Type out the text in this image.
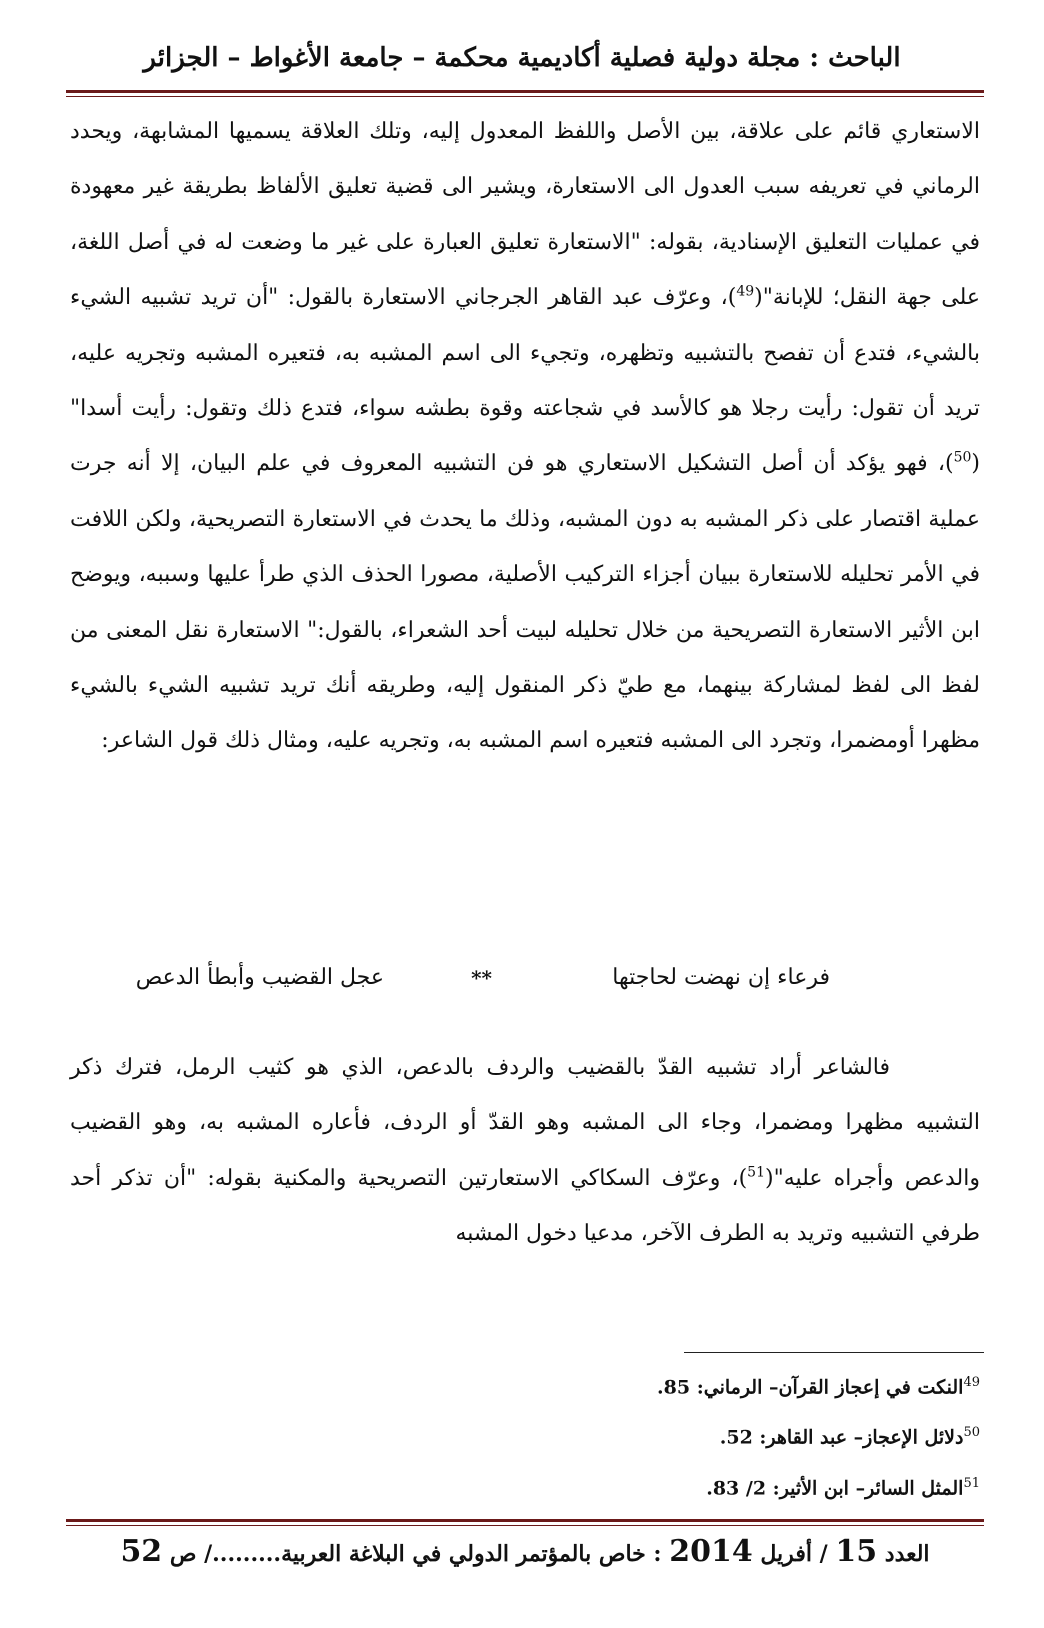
الباحث : مجلة دولية فصلية أكاديمية محكمة – جامعة الأغواط – الجزائر
الاستعاري قائم على علاقة، بين الأصل واللفظ المعدول إليه، وتلك العلاقة يسميها المشابهة، ويحدد الرماني في تعريفه سبب العدول الى الاستعارة، ويشير الى قضية تعليق الألفاظ بطريقة غير معهودة في عمليات التعليق الإسنادية، بقوله: "الاستعارة تعليق العبارة على غير ما وضعت له في أصل اللغة، على جهة النقل؛ للإبانة"($^{49}$)، وعرّف عبد القاهر الجرجاني الاستعارة بالقول: "أن تريد تشبيه الشيء بالشيء، فتدع أن تفصح بالتشبيه وتظهره، وتجيء الى اسم المشبه به، فتعيره المشبه وتجريه عليه، تريد أن تقول: رأيت رجلا هو كالأسد في شجاعته وقوة بطشه سواء، فتدع ذلك وتقول: رأيت أسدا"($^{50}$)، فهو يؤكد أن أصل التشكيل الاستعاري هو فن التشبيه المعروف في علم البيان، إلا أنه جرت عملية اقتصار على ذكر المشبه به دون المشبه، وذلك ما يحدث في الاستعارة التصريحية، ولكن اللافت في الأمر تحليله للاستعارة ببيان أجزاء التركيب الأصلية، مصورا الحذف الذي طرأ عليها وسببه، ويوضح ابن الأثير الاستعارة التصريحية من خلال تحليله لبيت أحد الشعراء، بالقول:" الاستعارة نقل المعنى من لفظ الى لفظ لمشاركة بينهما، مع طيّ ذكر المنقول إليه، وطريقه أنك تريد تشبيه الشيء بالشيء مظهرا أومضمرا، وتجرد الى المشبه فتعيره اسم المشبه به، وتجريه عليه، ومثال ذلك قول الشاعر:
فرعاء إن نهضت لحاجتها
**
عجل القضيب وأبطأ الدعص
فالشاعر أراد تشبيه القدّ بالقضيب والردف بالدعص، الذي هو كثيب الرمل، فترك ذكر التشبيه مظهرا ومضمرا، وجاء الى المشبه وهو القدّ أو الردف، فأعاره المشبه به، وهو القضيب والدعص وأجراه عليه"($^{51}$)، وعرّف السكاكي الاستعارتين التصريحية والمكنية بقوله: "أن تذكر أحد طرفي التشبيه وتريد به الطرف الآخر، مدعيا دخول المشبه
$^{49}$النكت في إعجاز القرآن– الرماني: 85.
$^{50}$دلائل الإعجاز– عبد القاهر: 52.
$^{51}$المثل السائر– ابن الأثير: 2/ 83.
العدد 15 / أفريل 2014 : خاص بالمؤتمر الدولي في البلاغة العربية........./ ص 52
